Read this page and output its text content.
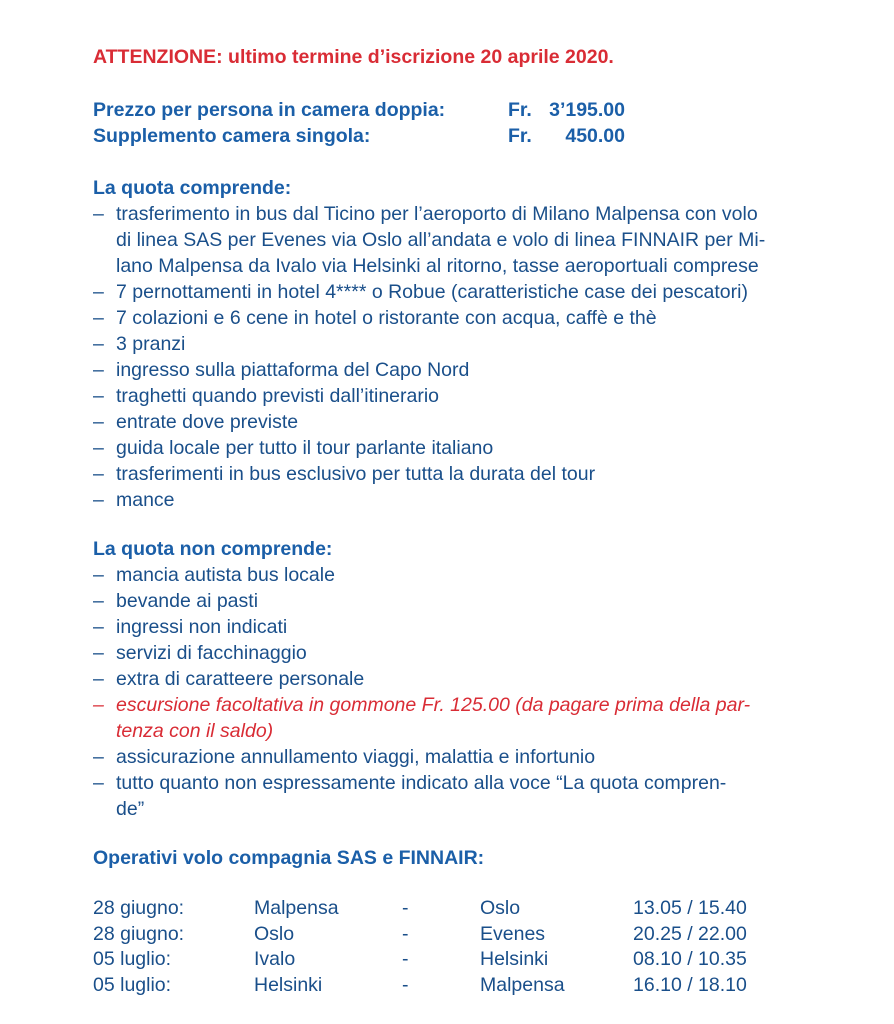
ATTENZIONE: ultimo termine d’iscrizione 20 aprile 2020.

Prezzo per persona in camera doppia:	Fr. 3’195.00
Supplemento camera singola:	Fr.	450.00

La quota comprende:

– trasferimento in bus dal Ticino per l’aeroporto di Milano Malpensa con volo
di linea SAS per Evenes via Oslo all’andata e volo di linea FINNAIR per Mi-
lano Malpensa da Ivalo via Helsinki al ritorno, tasse aeroportuali comprese
– 7 pernottamenti in hotel 4**** o Robue (caratteristiche case dei pescatori)
– 7 colazioni e 6 cene in hotel o ristorante con acqua, caffè e thè
– 3 pranzi
– ingresso sulla piattaforma del Capo Nord
– traghetti quando previsti dall’itinerario
– entrate dove previste
– guida locale per tutto il tour parlante italiano
– trasferimenti in bus esclusivo per tutta la durata del tour
– mance

La quota non comprende:

– mancia autista bus locale
– bevande ai pasti
– ingressi non indicati
– servizi di facchinaggio
– extra di caratteere personale
– escursione facoltativa in gommone Fr. 125.00 (da pagare prima della par-
tenza con il saldo)
– assicurazione annullamento viaggi, malattia e infortunio
– tutto quanto non espressamente indicato alla voce “La quota compren-
de”

Operativi volo compagnia SAS e FINNAIR:

28 giugno:	Malpensa	-	Oslo	13.05 / 15.40
28 giugno:	Oslo	-	Evenes	20.25 / 22.00
05 luglio:	Ivalo	-	Helsinki	08.10 / 10.35
05 luglio:	Helsinki	-	Malpensa	16.10 / 18.10
